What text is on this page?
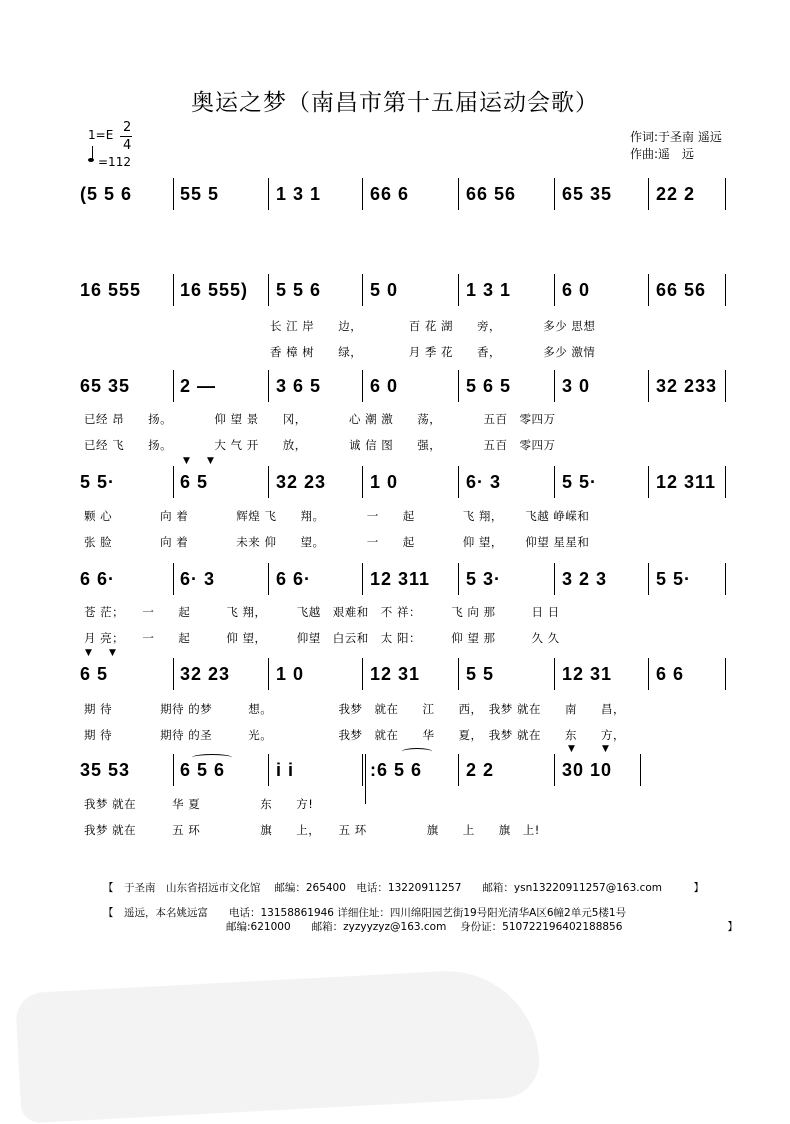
奥运之梦（南昌市第十五届运动会歌）
1=E 2
4
=112
作词:于圣南 遥远
作曲:遥　远
(5 5 6	55 5	1 3 1	66 6	66 56	65 35 22 2
16 555 16 555) 5 5 6	5 0	1 3 1	6 0	66 56
长 江 岸　　边，　　　　 百 花 湖　　旁，　　　　多少 思想
香 樟 树　　绿，　　　　 月 季 花　　香，　　　　多少 激情
65 35	2 —	3 6 5	6 0	5 6 5	3 0	32 233
已经 昂　　扬。　　　　仰 望 景　　冈，　　　　心 潮 激　　荡，　　　　五百　零四万
已经 飞　　扬。　　　　大 气 开　　放，　　　　诚 信 图　　强，　　　　五百　零四万
5 5·
▼ ▼
6 5	32 23 1 0	6· 3	5 5·	12 311
颗 心　　　　向 着　　　　辉煌 飞　　翔。　　　　一　　起　　　　飞 翔，　　 飞越 峥嵘和
张 脸　　　　向 着　　　　未来 仰　　望。　　　　一　　起　　　　仰 望，　　 仰望 星星和
6 6·	6· 3	6 6·	12 311 5 3·	3 2 3	5 5·
苍 茫；　　一　　起　　　飞 翔，　　　飞越　艰难和　不 祥：　　　飞 向 那　　　日 日
月 亮；　　一　　起　　　仰 望，　　　仰望　白云和　太 阳：　　　仰 望 那　　　久 久
▼ ▼
6 5	32 23	1 0	12 31	5 5	12 31 6 6
期 待　　　　期待 的梦　　　想。　　　　　　我梦　就在　　江　　西，　我梦 就在　　南　　昌，
期 待　　　　期待 的圣　　　光。　　　　　　我梦　就在　　华　　夏，　我梦 就在　　东　　方，
35 53	6 5 6	i i	:6 5 6 2 2
▼	▼
30 10
我梦 就在　　　华 夏　　　　　东　　方!
我梦 就在　　　五 环　　　　　旗　　上，　　五 环　　　　　旗　　上　　旗　上!
【　于圣南　山东省招远市文化馆　 邮编：265400　电话：13220911257　　邮箱：ysn13220911257@163.com　　　】
【　遥远，本名姚远富　　电话：13158861946 详细住址：四川绵阳园艺街19号阳光清华A区6幢2单元5楼1号
邮编:621000　　邮箱：zyzyyzyz@163.com　 身份证：510722196402188856　　　　　　　　　　】
